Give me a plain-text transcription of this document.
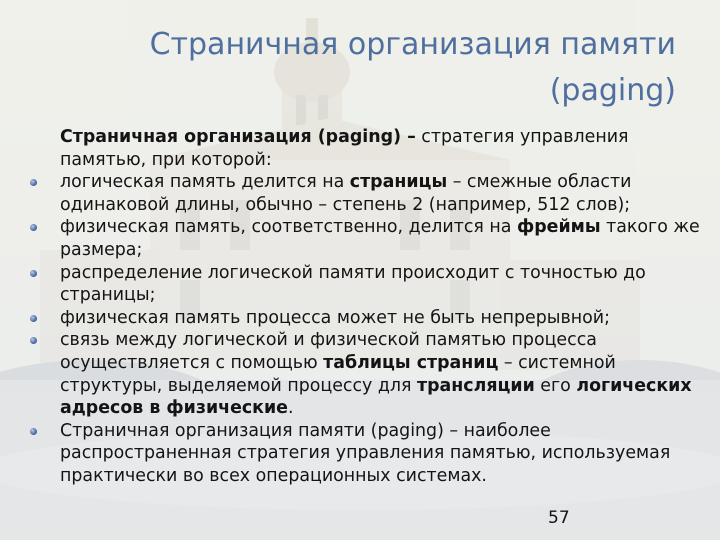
Страничная организация памяти
(paging)

Страничная организация (paging) – стратегия управления памятью, при которой:

логическая память делится на страницы – смежные области одинаковой длины, обычно – степень 2 (например, 512 слов);

физическая память, соответственно, делится на фреймы такого же размера;

распределение логической памяти происходит с точностью до страницы;

физическая память процесса может не быть непрерывной;

связь между логической и физической памятью процесса осуществляется с помощью таблицы страниц – системной структуры, выделяемой процессу для трансляции его логических адресов в физические.

Страничная организация памяти (paging) – наиболее распространенная стратегия управления памятью, используемая практически во всех операционных системах.

57
